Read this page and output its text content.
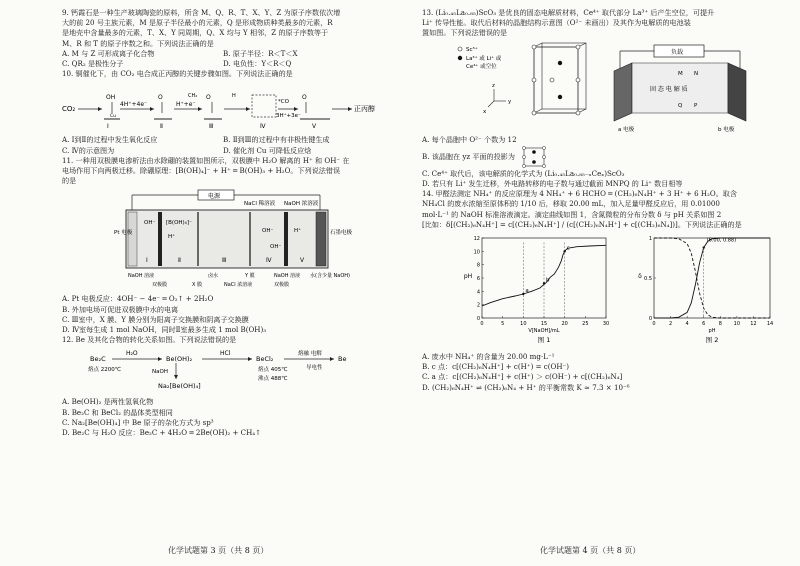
9. 钙霞石是一种生产玻璃陶瓷的原料，所含 M、Q、R、T、X、Y、Z 为原子序数依次增

大的前 20 号主族元素，M 是原子半径最小的元素，Q 是形成物质种类最多的元素，R

是地壳中含量最多的元素，T、X、Y 同周期，Q、X 均与 Y 相邻，Z 的原子序数等于

M、R 和 T 的原子序数之和。下列说法正确的是

A. M 与 Z 可形成离子化合物	B. 原子半径：R＜T＜X

C. QR₂ 是极性分子	D. 电负性：Y＜R＜Q

10. 铜催化下，由 CO₂ 电合成正丙醇的关键步骤如图。下列说法正确的是

CO₂
OH
Ⅰ
4H⁺+4e⁻
O
Ⅱ
H⁺+e⁻
O
Ⅲ	Ⅳ
*CO
3H⁺+3e⁻
O
Ⅴ
正丙醇
Cu
CH₂	H

A. Ⅰ到Ⅱ的过程中发生氧化反应	B. Ⅱ到Ⅲ的过程中有非极性键生成

C. Ⅳ的示意图为	D. 催化剂 Cu 可降低反应焓

11. 一种用双极膜电渗析法由水除硼的装置如图所示，双极膜中 H₂O 解离的 H⁺ 和 OH⁻ 在

电场作用下向两极迁移。除硼原理：[B(OH)₄]⁻ + H⁺ ═ B(OH)₃ + H₂O。下列说法错误

的是

电源
Pt 电极	石墨电极
NaCl 稀溶液 NaOH 浓溶液
[B(OH)₄]⁻
OH⁻
H⁺
OH⁻	H⁺
OH⁻
Ⅰ	Ⅱ	Ⅲ	Ⅳ	Ⅴ
NaOH 溶液
双极膜	X 膜
卤水
NaCl 浓溶液
Y 膜
双极膜
NaOH 溶液 水(含少量 NaOH)

A. Pt 电极反应：4OH⁻ − 4e⁻ ═ O₂↑ + 2H₂O

B. 外加电场可促进双极膜中水的电离

C. Ⅲ室中，X 膜、Y 膜分别为阳离子交换膜和阴离子交换膜

D. Ⅳ室每生成 1 mol NaOH，同时Ⅱ室最多生成 1 mol B(OH)₃

12. Be 及其化合物的转化关系如图。下列说法错误的是

Be₂C
H₂O
Be(OH)₂
HCl
BeCl₂
熔融 电解
Be
导电性
NaOH
Na₂[Be(OH)₄]
熔点 2200℃	熔点 405℃
沸点 488℃

A. Be(OH)₂ 是两性氢氧化物

B. Be₂C 和 BeCl₂ 的晶体类型相同

C. Na₂[Be(OH)₄] 中 Be 原子的杂化方式为 sp³

D. Be₂C 与 H₂O 反应：Be₂C + 4H₂O ═ 2Be(OH)₂ + CH₄↑

化学试题第 3 页（共 8 页）

13. (Li₀.₄₅La₀.₈₅)ScO₃ 是优良的固态电解质材料，Ce⁴⁺ 取代部分 La³⁺ 后产生空位，可提升

Li⁺ 传导性能。取代后材料的晶胞结构示意图（O²⁻ 未画出）及其作为电解质的电池装

置如图。下列说法错误的是

Sc³⁺
La³⁺ 或 Li⁺ 或
Ce⁴⁺ 或空位
z
x
y
负载
固 态 电 解 质
M N
P
Q
a 电极	b 电极

A. 每个晶胞中 O²⁻ 个数为 12

B. 该晶胞在 yz 平面的投影为

C. Ce⁴⁺ 取代后，该电解质的化学式为 (Li₀.₄₅La₀.₈₅₋ₓCeₓ)ScO₃

D. 若只有 Li⁺ 发生迁移，外电路转移的电子数与通过截面 MNPQ 的 Li⁺ 数目相等

14. 甲醛法测定 NH₄⁺ 的反应原理为 4 NH₄⁺ + 6 HCHO ═ (CH₂)₆N₄H⁺ + 3 H⁺ + 6 H₂O。取含

NH₄Cl 的废水浓缩至原体积的 1/10 后，移取 20.00 mL，加入足量甲醛反应后，用 0.01000

mol·L⁻¹ 的 NaOH 标准溶液滴定。滴定曲线如图 1，含氮微粒的分布分数 δ 与 pH 关系如图 2

[比如：δ[(CH₂)₆N₄H⁺] = c[(CH₂)₆N₄H⁺] / (c[(CH₂)₆N₄H⁺] + c[(CH₂)₆N₄])]。下列说法正确的是

0	5	10	15	20	25	30
0
2
4
6
8
10
12
V[NaOH]/mL
pH
图 1
a
b
c
0	2	4	6	8 10 12 14
0
0.5
1
pH
δ
图 2
(6.00, 0.88)

A. 废水中 NH₄⁺ 的含量为 20.00 mg·L⁻¹

B. c 点：c[(CH₂)₆N₄H⁺] + c(H⁺) = c(OH⁻)

C. a 点：c[(CH₂)₆N₄H⁺] + c(H⁺) ＞ c(OH⁻) + c[(CH₂)₆N₄]

D. (CH₂)₆N₄H⁺ ⇌ (CH₂)₆N₄ + H⁺ 的平衡常数 K ≈ 7.3 × 10⁻⁶

化学试题第 4 页（共 8 页）
